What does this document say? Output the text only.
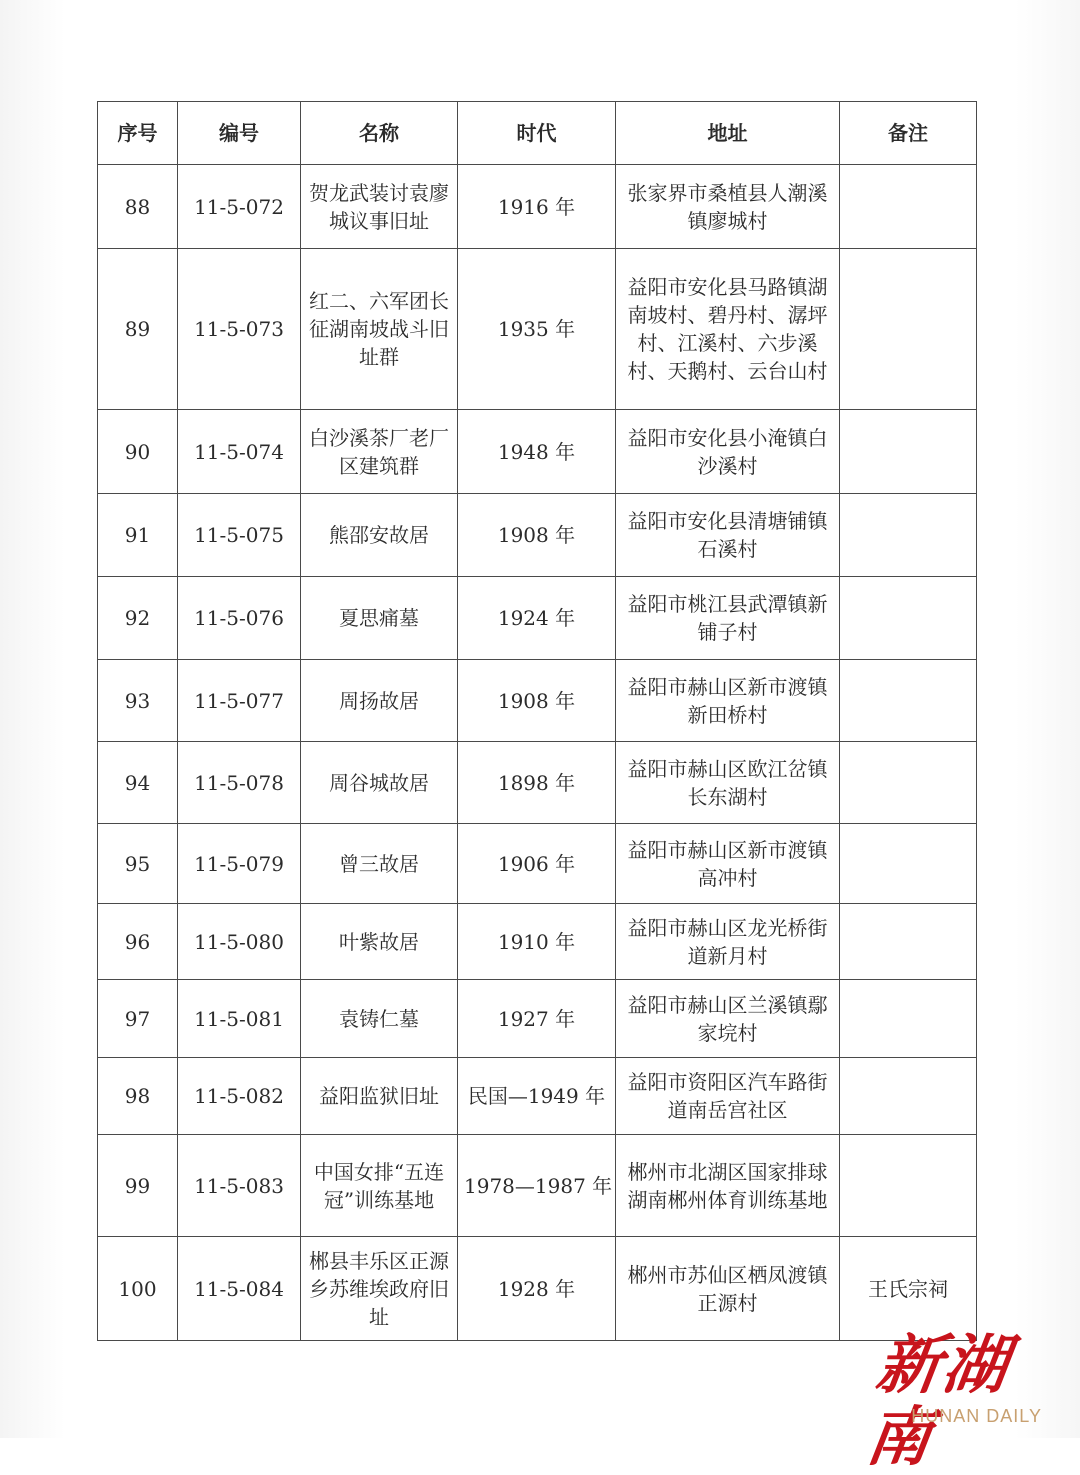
序号	编号	名称	时代	地址	备注
88	11-5-072	贺龙武装讨袁廖城议事旧址	1916 年	张家界市桑植县人潮溪镇廖城村	
89	11-5-073	红二、六军团长征湖南坡战斗旧址群	1935 年	益阳市安化县马路镇湖南坡村、碧丹村、潺坪村、江溪村、六步溪村、天鹅村、云台山村	
90	11-5-074	白沙溪茶厂老厂区建筑群	1948 年	益阳市安化县小淹镇白沙溪村	
91	11-5-075	熊邵安故居	1908 年	益阳市安化县清塘铺镇石溪村	
92	11-5-076	夏思痛墓	1924 年	益阳市桃江县武潭镇新铺子村	
93	11-5-077	周扬故居	1908 年	益阳市赫山区新市渡镇新田桥村	
94	11-5-078	周谷城故居	1898 年	益阳市赫山区欧江岔镇长东湖村	
95	11-5-079	曾三故居	1906 年	益阳市赫山区新市渡镇高冲村	
96	11-5-080	叶紫故居	1910 年	益阳市赫山区龙光桥街道新月村	
97	11-5-081	袁铸仁墓	1927 年	益阳市赫山区兰溪镇鄢家垸村	
98	11-5-082	益阳监狱旧址	民国—1949 年	益阳市资阳区汽车路街道南岳宫社区	
99	11-5-083	中国女排“五连冠”训练基地	1978—1987 年	郴州市北湖区国家排球湖南郴州体育训练基地	
100	11-5-084	郴县丰乐区正源乡苏维埃政府旧址	1928 年	郴州市苏仙区栖凤渡镇正源村	王氏宗祠
新湖南
HUNAN DAILY
